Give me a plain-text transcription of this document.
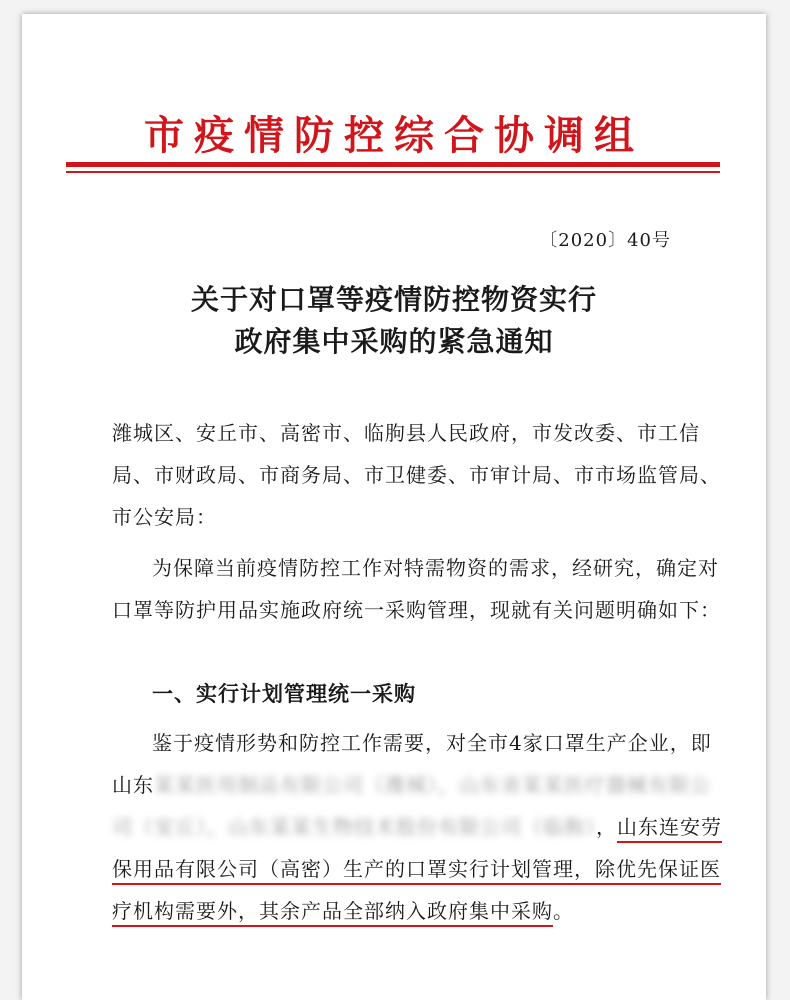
市疫情防控综合协调组
〔2020〕40号
关于对口罩等疫情防控物资实行
政府集中采购的紧急通知
潍城区、安丘市、高密市、临朐县人民政府，市发改委、市工信局、市财政局、市商务局、市卫健委、市审计局、市市场监管局、市公安局：
为保障当前疫情防控工作对特需物资的需求，经研究，确定对口罩等防护用品实施政府统一采购管理，现就有关问题明确如下：
一、实行计划管理统一采购
鉴于疫情形势和防控工作需要，对全市4家口罩生产企业，即山东某某医用制品有限公司（潍城），山东省某某医疗器械有限公司（安丘），山东某某生物技术股份有限公司（临朐），山东连安劳保用品有限公司（高密）生产的口罩实行计划管理，除优先保证医疗机构需要外，其余产品全部纳入政府集中采购。
